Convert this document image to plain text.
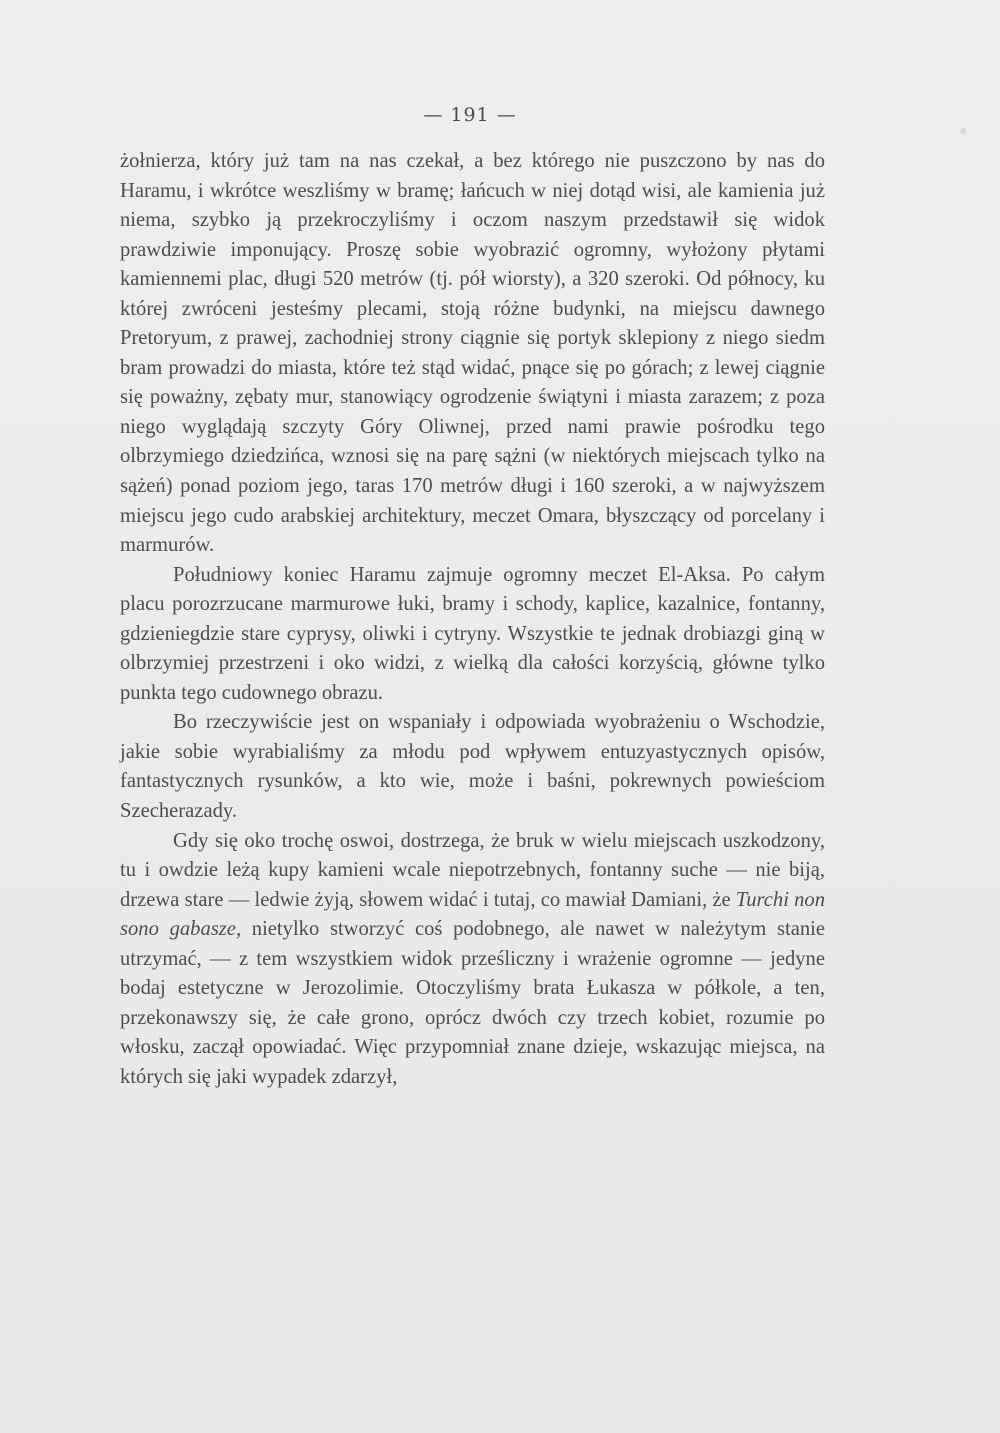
— 191 —

żołnierza, który już tam na nas czekał, a bez którego nie puszczono by nas do Haramu, i wkrótce weszliśmy w bramę; łańcuch w niej dotąd wisi, ale kamienia już niema, szybko ją przekroczyliśmy i oczom naszym przedstawił się widok prawdziwie imponujący. Proszę sobie wyobrazić ogromny, wyłożony płytami kamiennemi plac, długi 520 metrów (tj. pół wiorsty), a 320 szeroki. Od północy, ku której zwróceni jesteśmy plecami, stoją różne budynki, na miejscu dawnego Pretoryum, z prawej, zachodniej strony ciągnie się portyk sklepiony z niego siedm bram prowadzi do miasta, które też stąd widać, pnące się po górach; z lewej ciągnie się poważny, zębaty mur, stanowiący ogrodzenie świątyni i miasta zarazem; z poza niego wyglądają szczyty Góry Oliwnej, przed nami prawie pośrodku tego olbrzymiego dziedzińca, wznosi się na parę sążni (w niektórych miejscach tylko na sążeń) ponad poziom jego, taras 170 metrów długi i 160 szeroki, a w najwyższem miejscu jego cudo arabskiej architektury, meczet Omara, błyszczący od porcelany i marmurów.

Południowy koniec Haramu zajmuje ogromny meczet El-Aksa. Po całym placu porozrzucane marmurowe łuki, bramy i schody, kaplice, kazalnice, fontanny, gdzieniegdzie stare cyprysy, oliwki i cytryny. Wszystkie te jednak drobiazgi giną w olbrzymiej przestrzeni i oko widzi, z wielką dla całości korzyścią, główne tylko punkta tego cudownego obrazu.

Bo rzeczywiście jest on wspaniały i odpowiada wyobrażeniu o Wschodzie, jakie sobie wyrabialiśmy za młodu pod wpływem entuzyastycznych opisów, fantastycznych rysunków, a kto wie, może i baśni, pokrewnych powieściom Szecherazady.

Gdy się oko trochę oswoi, dostrzega, że bruk w wielu miejscach uszkodzony, tu i owdzie leżą kupy kamieni wcale niepotrzebnych, fontanny suche — nie biją, drzewa stare — ledwie żyją, słowem widać i tutaj, co mawiał Damiani, że Turchi non sono gabasze, nietylko stworzyć coś podobnego, ale nawet w należytym stanie utrzymać, — z tem wszystkiem widok prześliczny i wrażenie ogromne — jedyne bodaj estetyczne w Jerozolimie. Otoczyliśmy brata Łukasza w półkole, a ten, przekonawszy się, że całe grono, oprócz dwóch czy trzech kobiet, rozumie po włosku, zaczął opowiadać. Więc przypomniał znane dzieje, wskazując miejsca, na których się jaki wypadek zdarzył,
